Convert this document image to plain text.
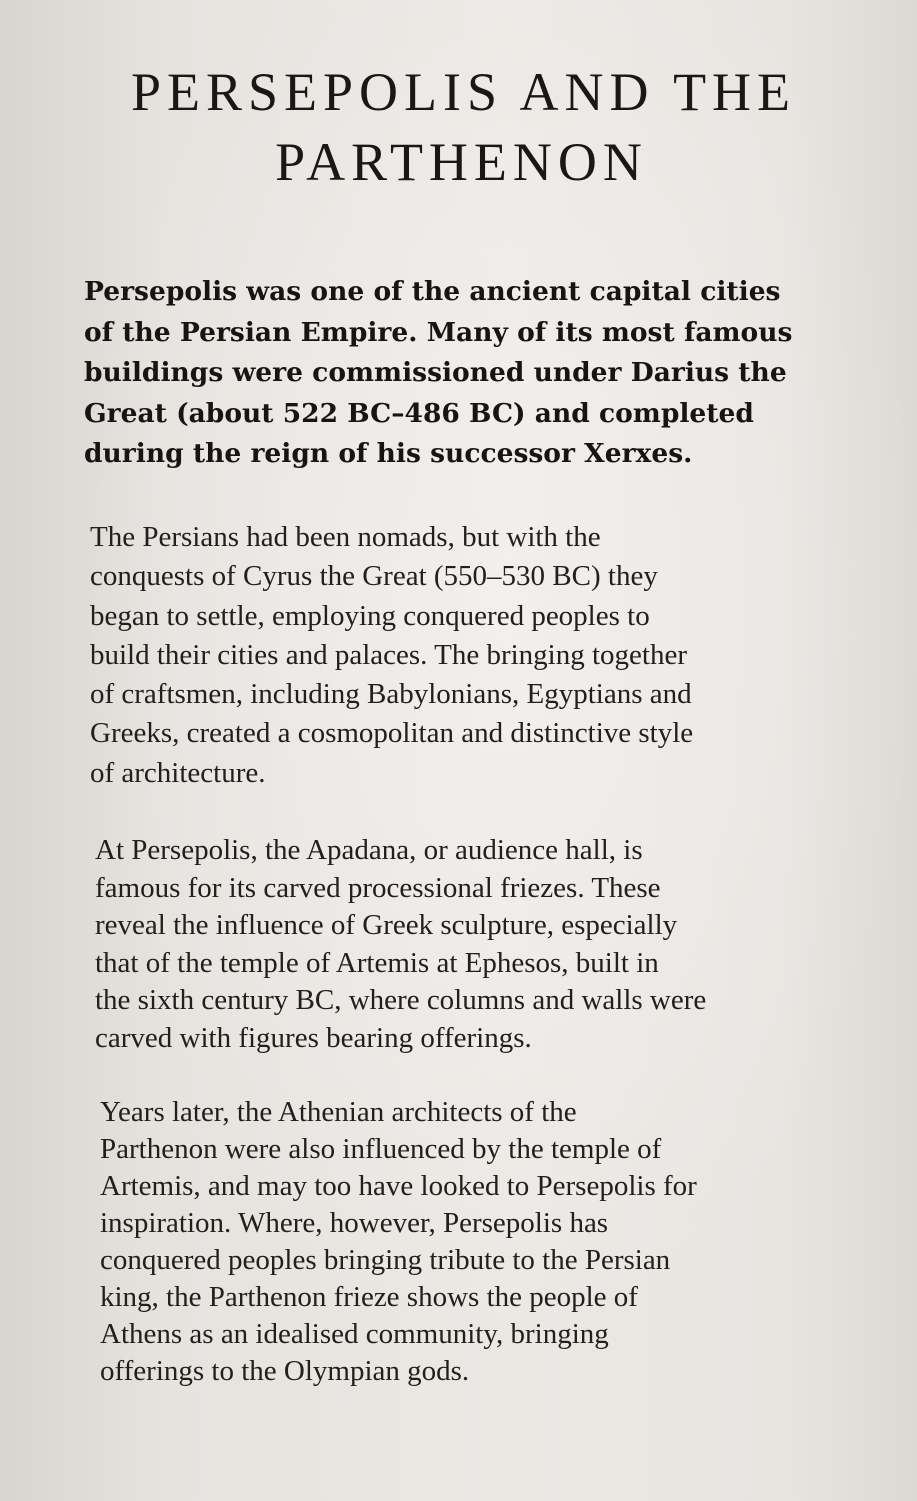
PERSEPOLIS AND THE
PARTHENON

Persepolis was one of the ancient capital cities
of the Persian Empire. Many of its most famous
buildings were commissioned under Darius the
Great (about 522 BC–486 BC) and completed
during the reign of his successor Xerxes.

The Persians had been nomads, but with the
conquests of Cyrus the Great (550–530 BC) they
began to settle, employing conquered peoples to
build their cities and palaces. The bringing together
of craftsmen, including Babylonians, Egyptians and
Greeks, created a cosmopolitan and distinctive style
of architecture.

At Persepolis, the Apadana, or audience hall, is
famous for its carved processional friezes. These
reveal the influence of Greek sculpture, especially
that of the temple of Artemis at Ephesos, built in
the sixth century BC, where columns and walls were
carved with figures bearing offerings.

Years later, the Athenian architects of the
Parthenon were also influenced by the temple of
Artemis, and may too have looked to Persepolis for
inspiration. Where, however, Persepolis has
conquered peoples bringing tribute to the Persian
king, the Parthenon frieze shows the people of
Athens as an idealised community, bringing
offerings to the Olympian gods.
